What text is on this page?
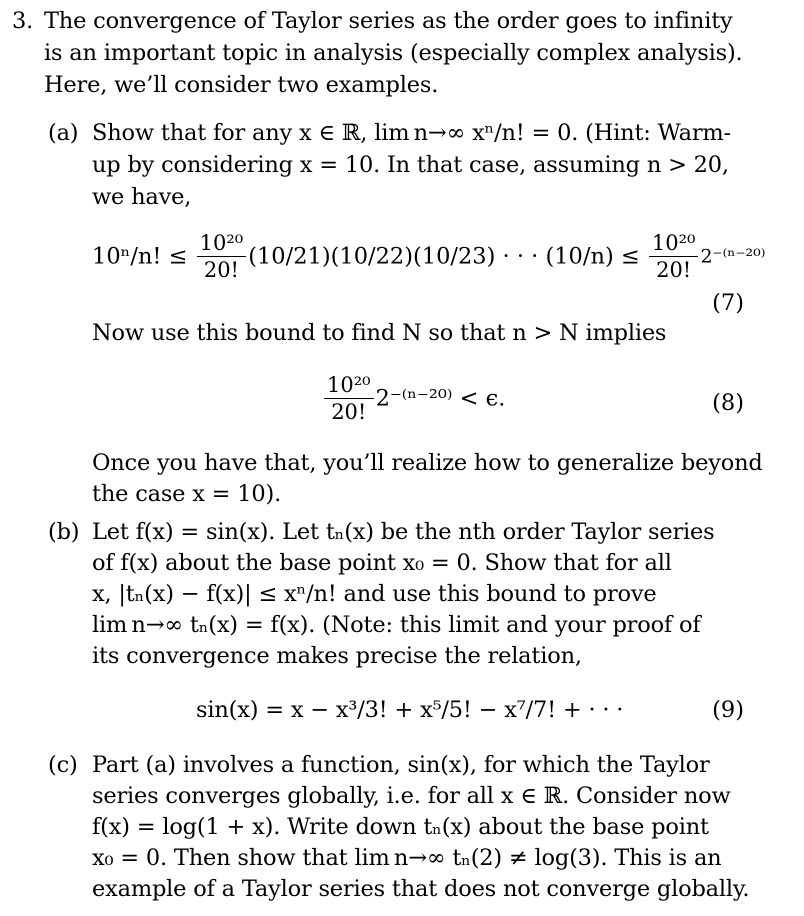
3. The convergence of Taylor series as the order goes to infinity
is an important topic in analysis (especially complex analysis).
Here, we’ll consider two examples.
(a) Show that for any x ∈ ℝ, lim n→∞ xⁿ/n! = 0. (Hint: Warm-
up by considering x = 10. In that case, assuming n > 20,
we have,
10ⁿ/n! ≤ $\frac{\text{10²⁰}}{20!} (10/21)(10/22)(10/23)$ · · · $(10/n) \le \frac{\text{10²⁰}}{20!} 2^{-(n-20)}$
(7)
Now use this bound to find N so that n > N implies
$\frac{\text{10²⁰}}{20!} 2^{-(n-20)} < \epsilon$.	(8)
Once you have that, you’ll realize how to generalize beyond
the case x = 10).
(b) Let f(x) = sin(x). Let tₙ(x) be the nth order Taylor series
of f(x) about the base point x₀ = 0. Show that for all
x, |tₙ(x) − f(x)| ≤ xⁿ/n! and use this bound to prove
lim n→∞ tₙ(x) = f(x). (Note: this limit and your proof of
its convergence makes precise the relation,
sin(x) = x − x³/3! + x⁵/5! − x⁷/7! + · · ·	(9)
(c) Part (a) involves a function, sin(x), for which the Taylor
series converges globally, i.e. for all x ∈ ℝ. Consider now
f(x) = log(1 + x). Write down tₙ(x) about the base point
x₀ = 0. Then show that lim n→∞ tₙ(2) ≠ log(3). This is an
example of a Taylor series that does not converge globally.
